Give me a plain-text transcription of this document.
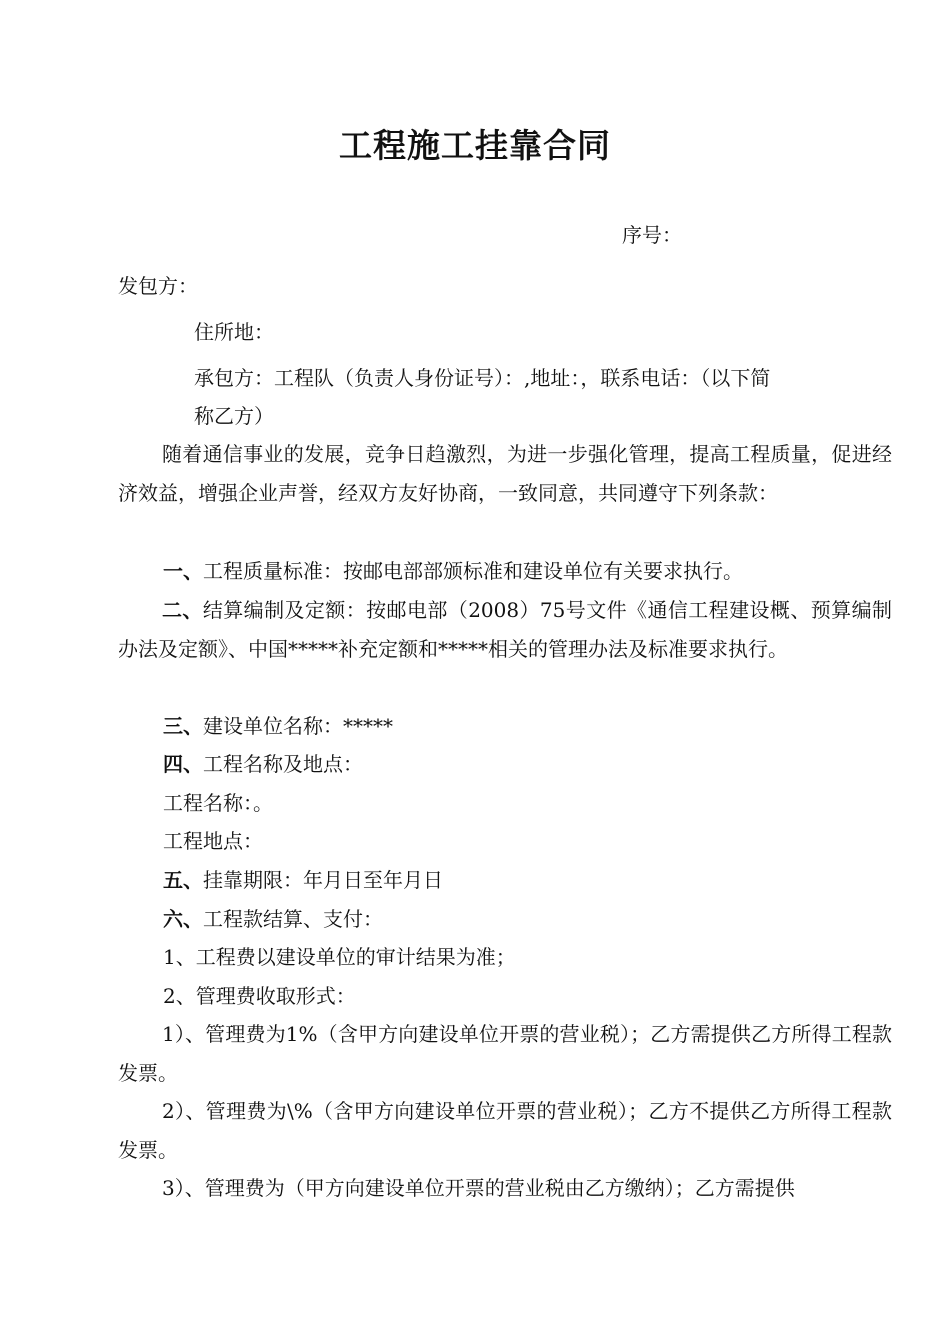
工程施工挂靠合同
序号：
发包方：
住所地：
承包方：工程队（负责人身份证号）：,地址：，联系电话：（以下简
称乙方）
随着通信事业的发展，竞争日趋激烈，为进一步强化管理，提高工程质量，促进经济效益，增强企业声誉，经双方友好协商，一致同意，共同遵守下列条款：
一、工程质量标准：按邮电部部颁标准和建设单位有关要求执行。
二、结算编制及定额：按邮电部（2008）75号文件《通信工程建设概、预算编制办法及定额》、中国*****补充定额和*****相关的管理办法及标准要求执行。
三、建设单位名称：*****
四、工程名称及地点：
工程名称：。
工程地点：
五、挂靠期限：年月日至年月日
六、工程款结算、支付：
1、工程费以建设单位的审计结果为准；
2、管理费收取形式：
1）、管理费为1%（含甲方向建设单位开票的营业税）；乙方需提供乙方所得工程款发票。
2）、管理费为\%（含甲方向建设单位开票的营业税）；乙方不提供乙方所得工程款发票。
3）、管理费为（甲方向建设单位开票的营业税由乙方缴纳）；乙方需提供
